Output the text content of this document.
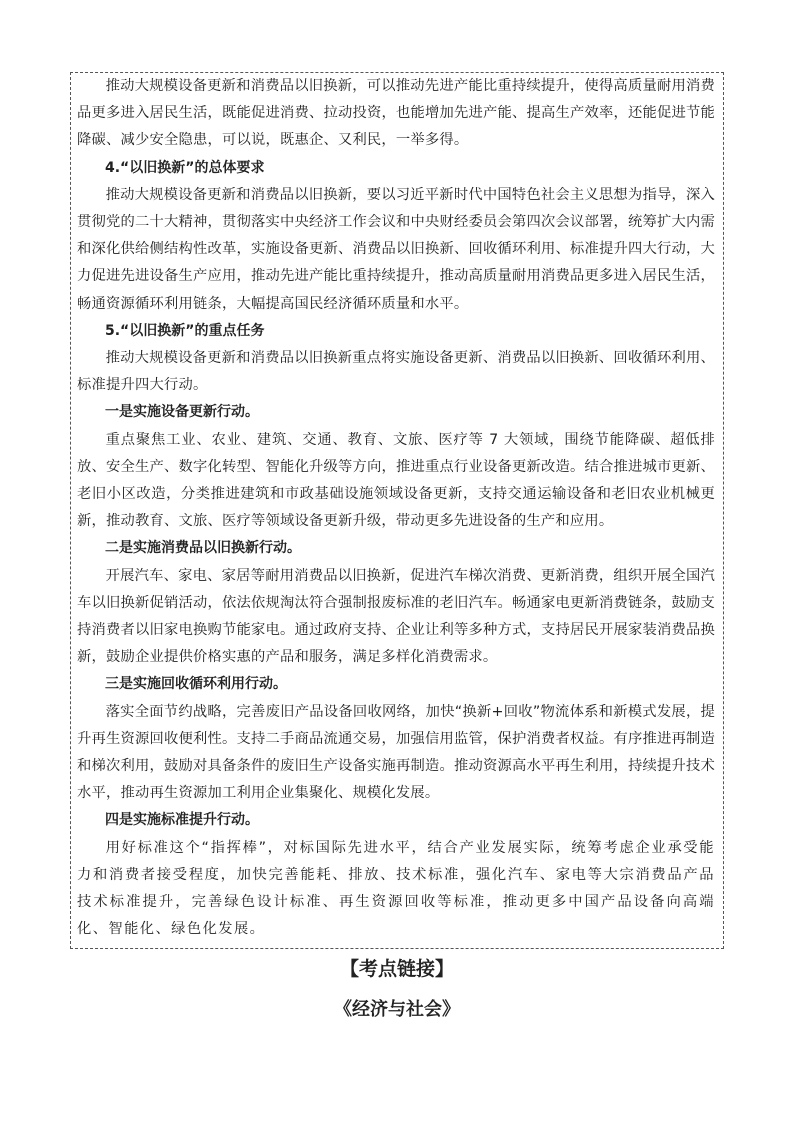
推动大规模设备更新和消费品以旧换新，可以推动先进产能比重持续提升，使得高质量耐用消费品更多进入居民生活，既能促进消费、拉动投资，也能增加先进产能、提高生产效率，还能促进节能降碳、减少安全隐患，可以说，既惠企、又利民，一举多得。

4.“以旧换新”的总体要求

推动大规模设备更新和消费品以旧换新，要以习近平新时代中国特色社会主义思想为指导，深入贯彻党的二十大精神，贯彻落实中央经济工作会议和中央财经委员会第四次会议部署，统筹扩大内需和深化供给侧结构性改革，实施设备更新、消费品以旧换新、回收循环利用、标准提升四大行动，大力促进先进设备生产应用，推动先进产能比重持续提升，推动高质量耐用消费品更多进入居民生活，畅通资源循环利用链条，大幅提高国民经济循环质量和水平。

5.“以旧换新”的重点任务

推动大规模设备更新和消费品以旧换新重点将实施设备更新、消费品以旧换新、回收循环利用、标准提升四大行动。

一是实施设备更新行动。

重点聚焦工业、农业、建筑、交通、教育、文旅、医疗等 7 大领域，围绕节能降碳、超低排放、安全生产、数字化转型、智能化升级等方向，推进重点行业设备更新改造。结合推进城市更新、老旧小区改造，分类推进建筑和市政基础设施领域设备更新，支持交通运输设备和老旧农业机械更新，推动教育、文旅、医疗等领域设备更新升级，带动更多先进设备的生产和应用。

二是实施消费品以旧换新行动。

开展汽车、家电、家居等耐用消费品以旧换新，促进汽车梯次消费、更新消费，组织开展全国汽车以旧换新促销活动，依法依规淘汰符合强制报废标准的老旧汽车。畅通家电更新消费链条，鼓励支持消费者以旧家电换购节能家电。通过政府支持、企业让利等多种方式，支持居民开展家装消费品换新，鼓励企业提供价格实惠的产品和服务，满足多样化消费需求。

三是实施回收循环利用行动。

落实全面节约战略，完善废旧产品设备回收网络，加快“换新+回收”物流体系和新模式发展，提升再生资源回收便利性。支持二手商品流通交易，加强信用监管，保护消费者权益。有序推进再制造和梯次利用，鼓励对具备条件的废旧生产设备实施再制造。推动资源高水平再生利用，持续提升技术水平，推动再生资源加工利用企业集聚化、规模化发展。

四是实施标准提升行动。

用好标准这个“指挥棒”，对标国际先进水平，结合产业发展实际，统筹考虑企业承受能力和消费者接受程度，加快完善能耗、排放、技术标准，强化汽车、家电等大宗消费品产品技术标准提升，完善绿色设计标准、再生资源回收等标准，推动更多中国产品设备向高端化、智能化、绿色化发展。

【考点链接】

《经济与社会》
